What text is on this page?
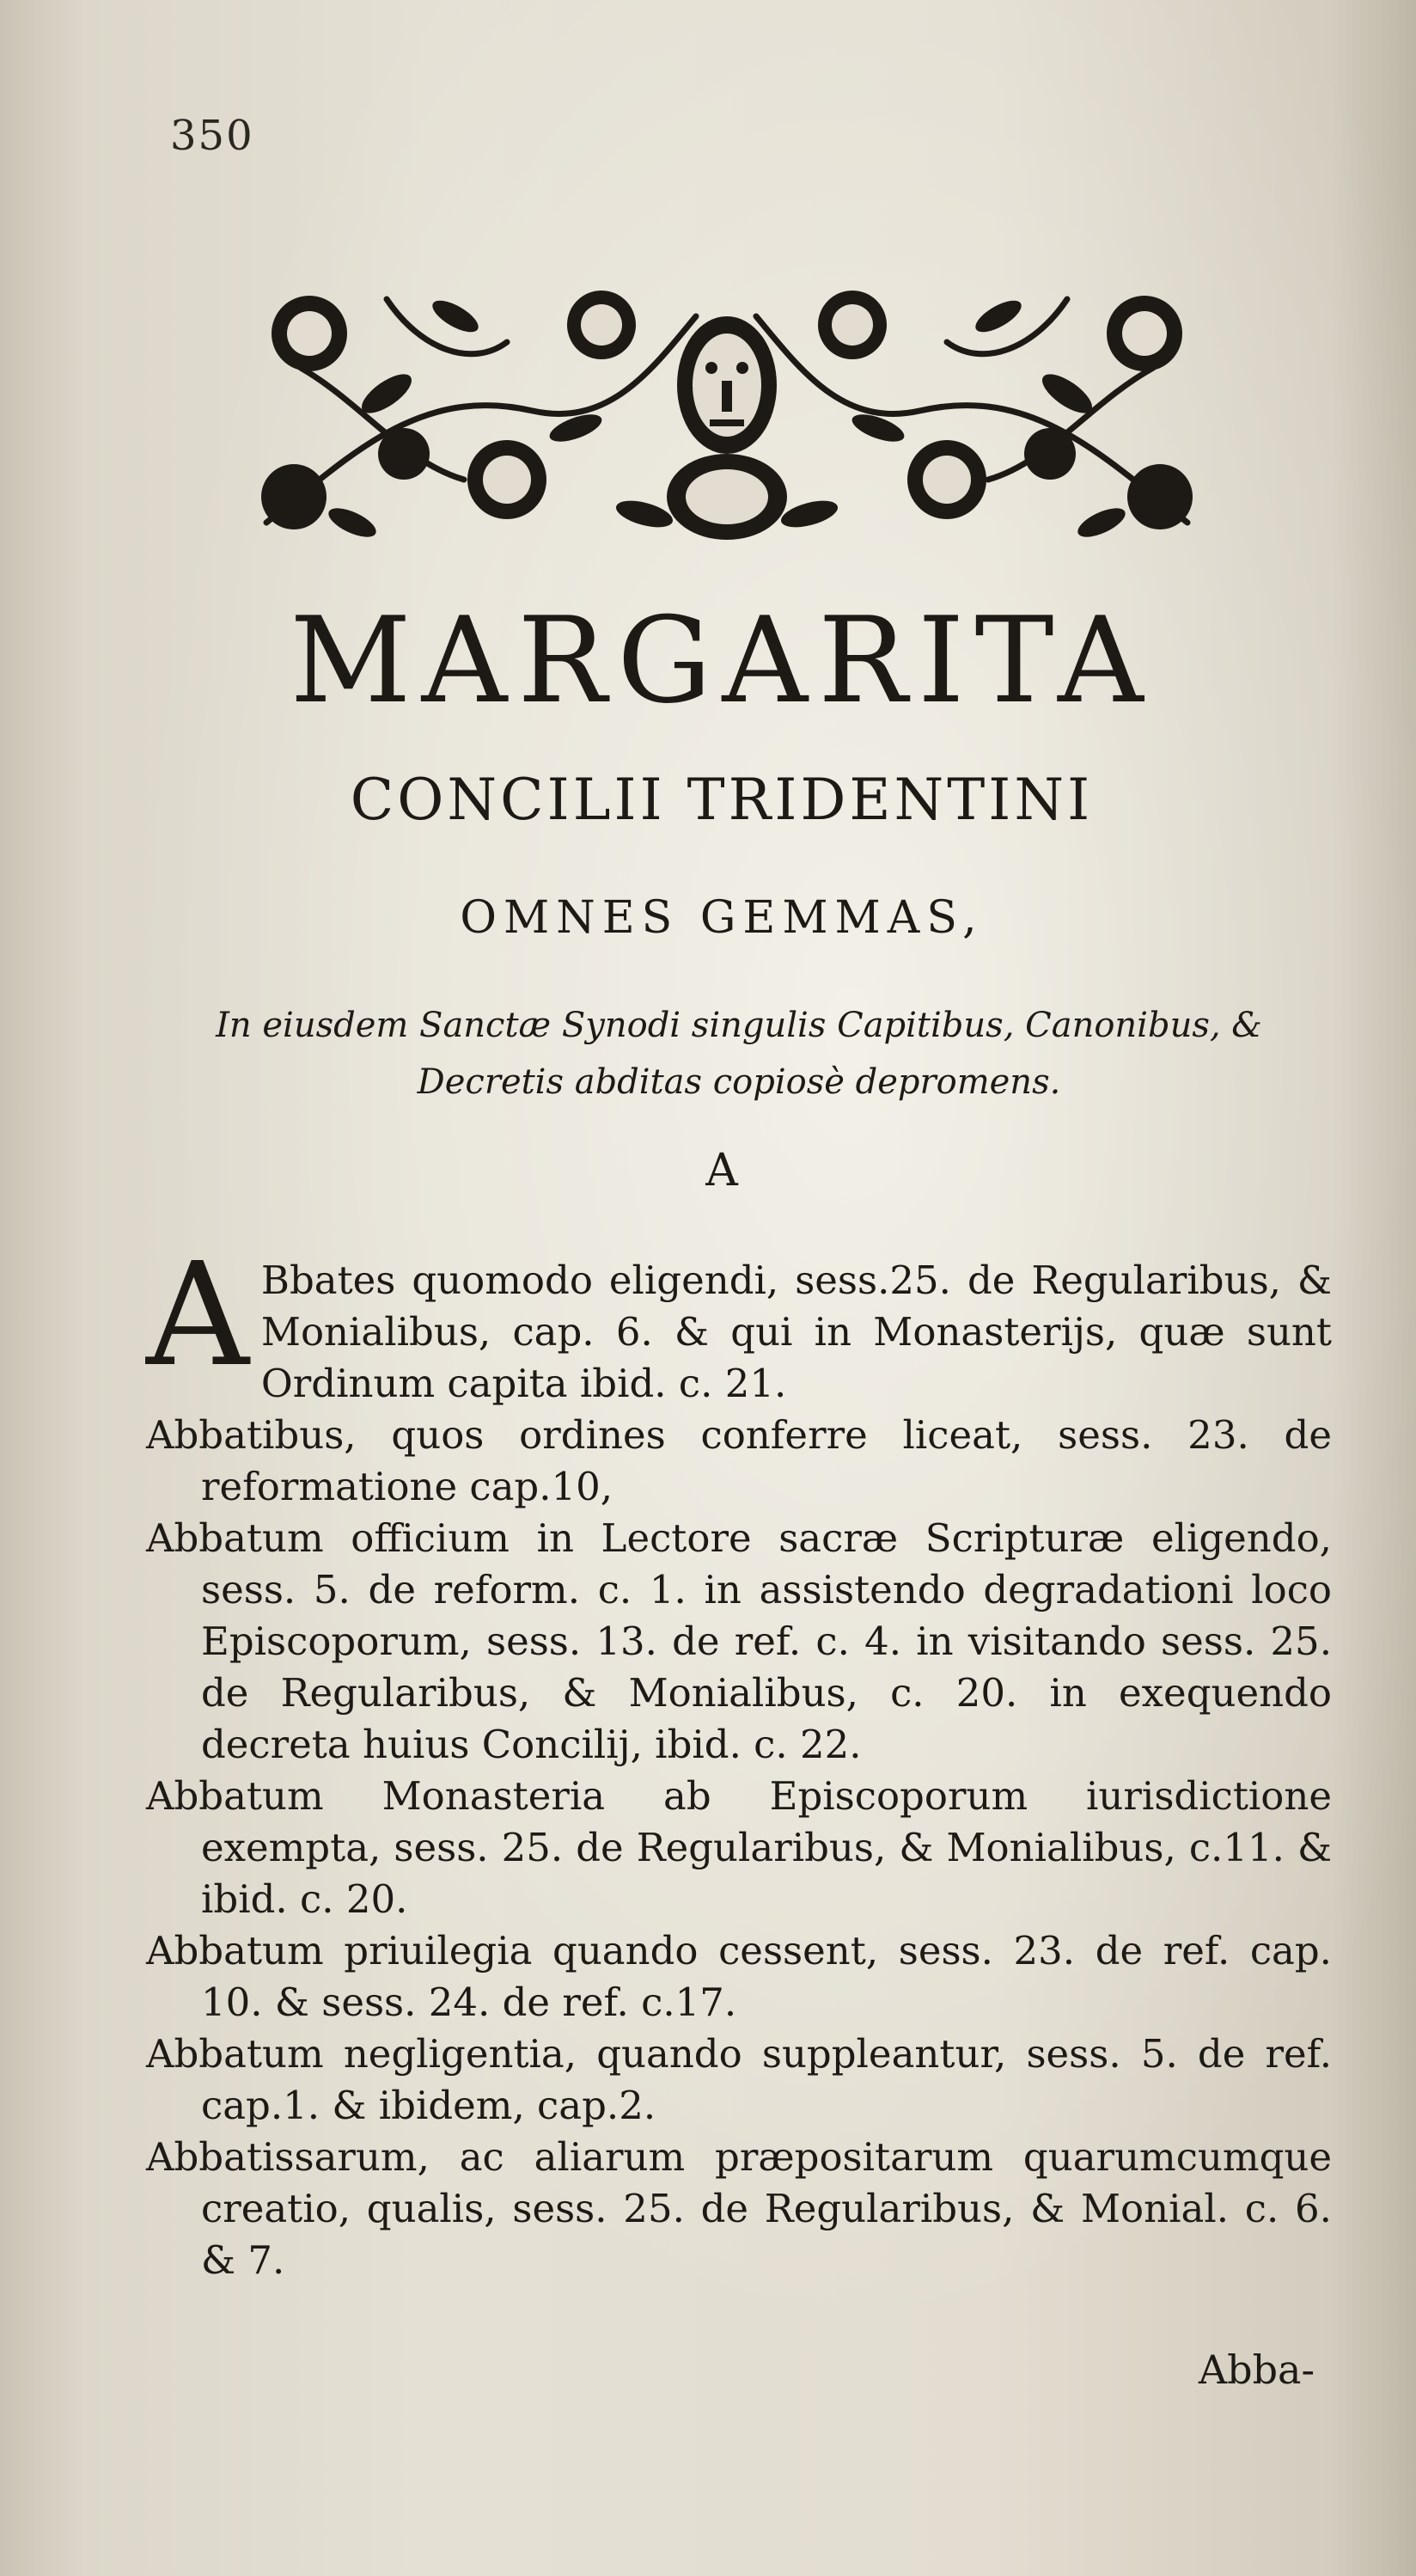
350
MARGARITA
CONCILII TRIDENTINI
OMNES GEMMAS,
In eiusdem Sanctæ Synodi singulis Capitibus, Canonibus, & Decretis abditas copiosè depromens.
A
A Bbates quomodo eligendi, sess.25. de Regularibus, & Monialibus, cap. 6. & qui in Monasterijs, quæ sunt Ordinum capita ibid. c. 21.
Abbatibus, quos ordines conferre liceat, sess. 23. de reformatione cap.10,
Abbatum officium in Lectore sacræ Scripturæ eligendo, sess. 5. de reform. c. 1. in assistendo degradationi loco Episcoporum, sess. 13. de ref. c. 4. in visitando sess. 25. de Regularibus, & Monialibus, c. 20. in exequendo decreta huius Concilij, ibid. c. 22.
Abbatum Monasteria ab Episcoporum iurisdictione exempta, sess. 25. de Regularibus, & Monialibus, c.11. & ibid. c. 20.
Abbatum priuilegia quando cessent, sess. 23. de ref. cap. 10. & sess. 24. de ref. c.17.
Abbatum negligentia, quando suppleantur, sess. 5. de ref. cap.1. & ibidem, cap.2.
Abbatissarum, ac aliarum præpositarum quarumcumque creatio, qualis, sess. 25. de Regularibus, & Monial. c. 6. & 7.
Abba-
